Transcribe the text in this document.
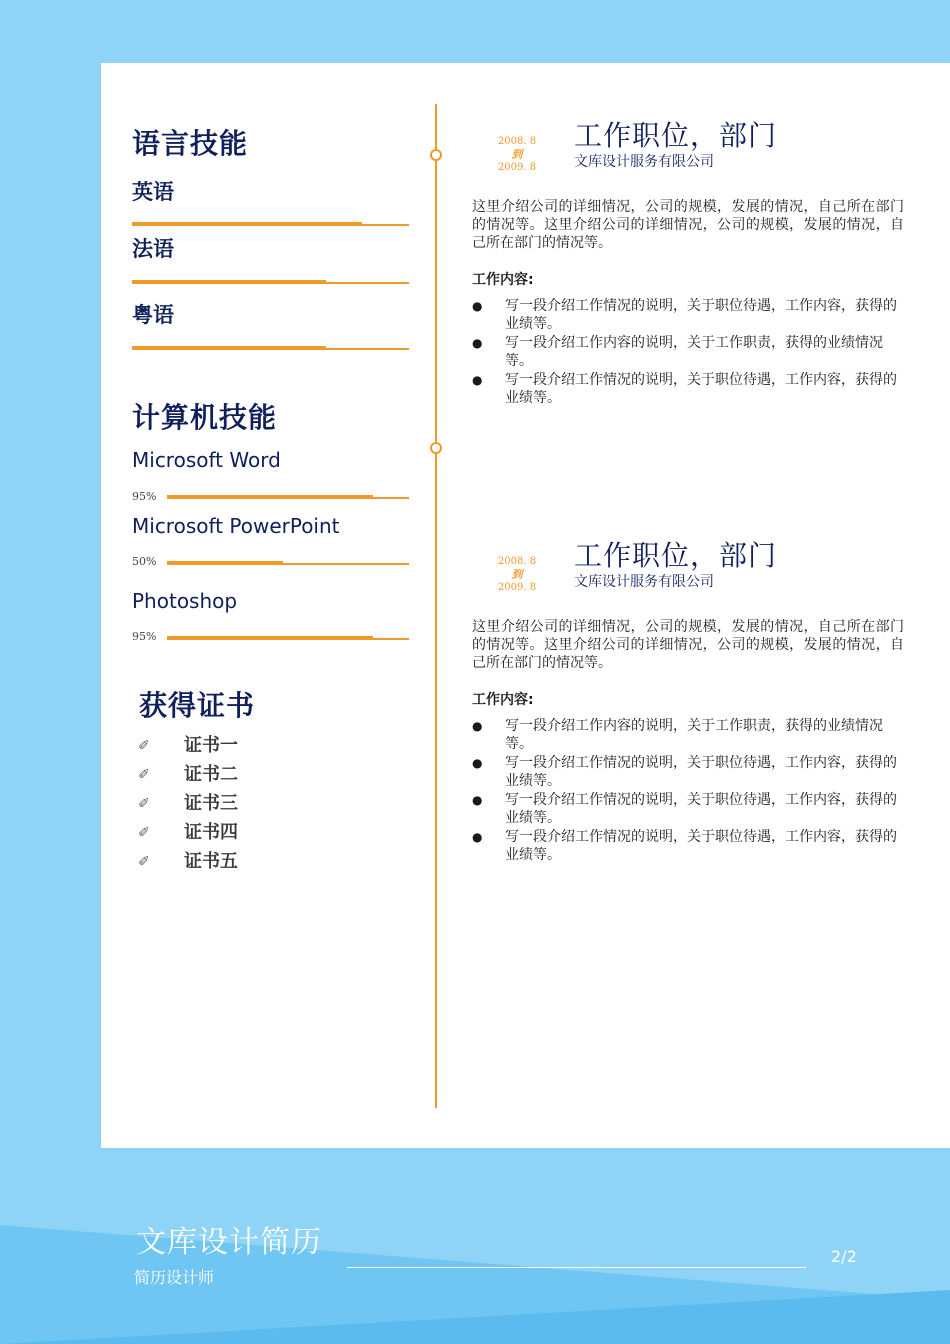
语言技能
英语
法语
粤语
计算机技能
Microsoft Word
95%
Microsoft PowerPoint
50%
Photoshop
95%
获得证书
✐ 证书一
✐ 证书二
✐ 证书三
✐ 证书四
✐ 证书五
2008. 8
到
2009. 8
工作职位，部门
文库设计服务有限公司
这里介绍公司的详细情况，公司的规模，发展的情况，自己所在部门的情况等。这里介绍公司的详细情况，公司的规模，发展的情况，自己所在部门的情况等。
工作内容:
● 写一段介绍工作情况的说明，关于职位待遇，工作内容，获得的业绩等。
● 写一段介绍工作内容的说明，关于工作职责，获得的业绩情况等。
● 写一段介绍工作情况的说明，关于职位待遇，工作内容，获得的业绩等。
2008. 8
到
2009. 8
工作职位，部门
文库设计服务有限公司
这里介绍公司的详细情况，公司的规模，发展的情况，自己所在部门的情况等。这里介绍公司的详细情况，公司的规模，发展的情况，自己所在部门的情况等。
工作内容:
● 写一段介绍工作内容的说明，关于工作职责，获得的业绩情况等。
● 写一段介绍工作情况的说明，关于职位待遇，工作内容，获得的业绩等。
● 写一段介绍工作情况的说明，关于职位待遇，工作内容，获得的业绩等。
● 写一段介绍工作情况的说明，关于职位待遇，工作内容，获得的业绩等。
文库设计简历
简历设计师
2/2
